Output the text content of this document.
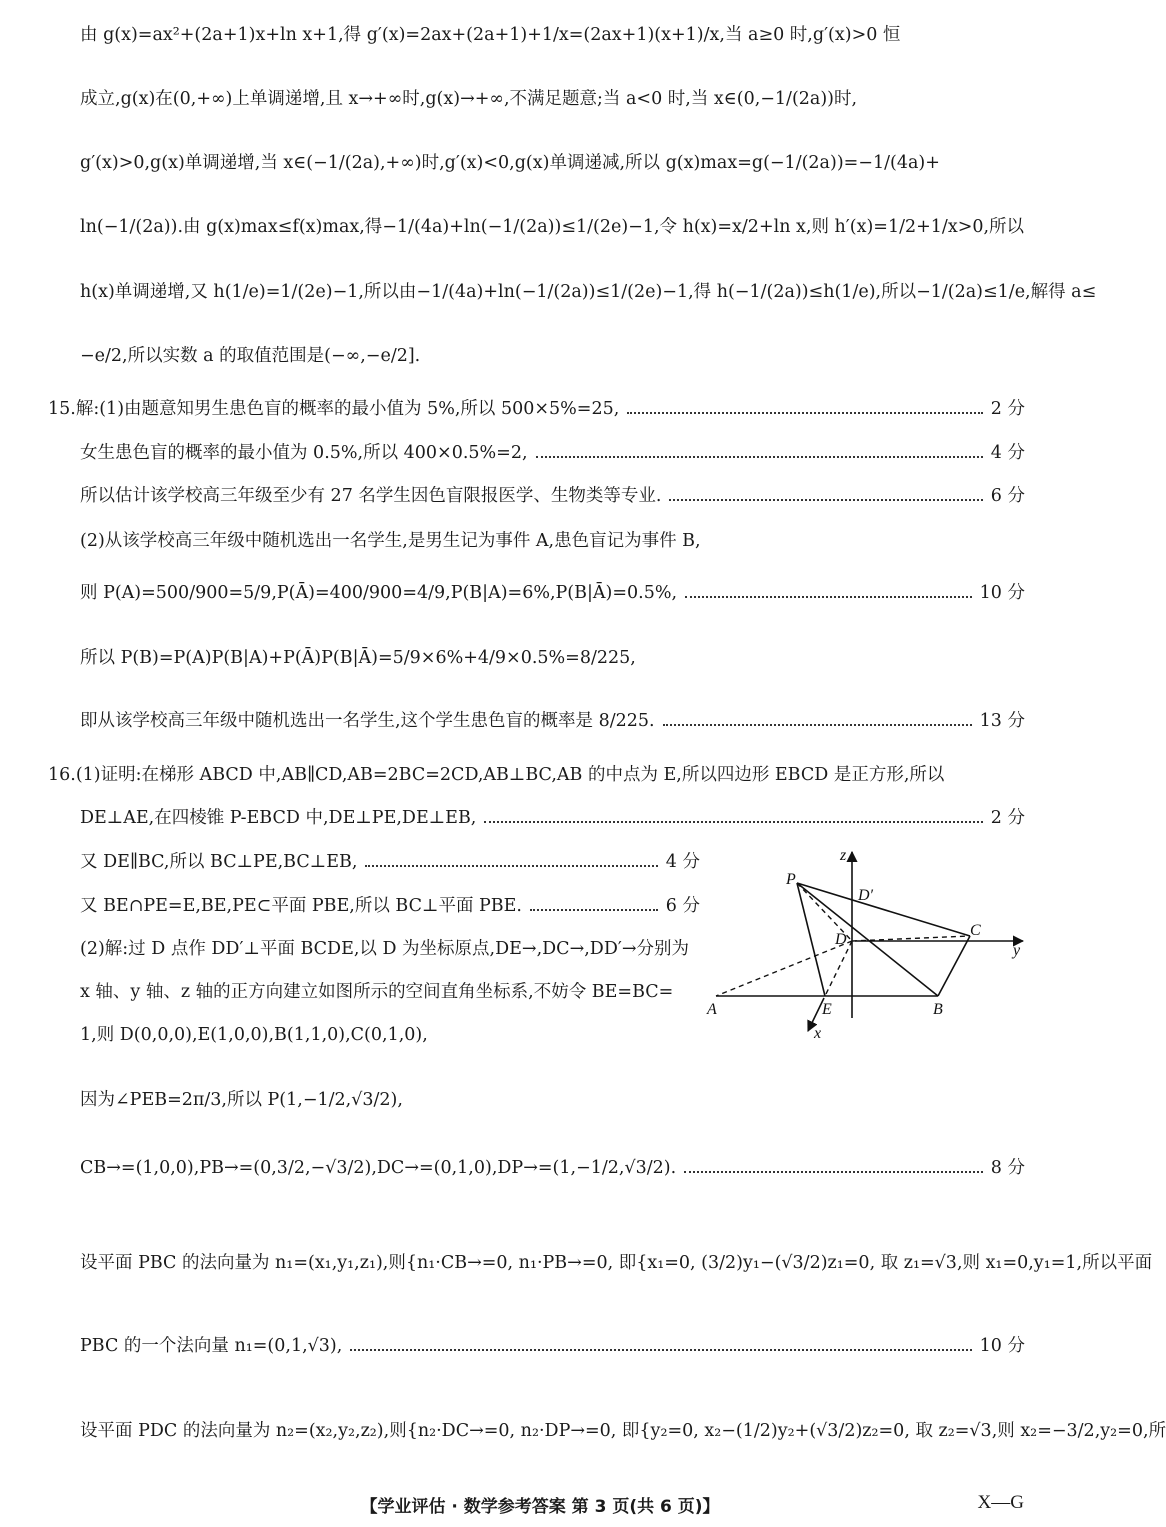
由 g(x)=ax²+(2a+1)x+ln x+1,得 g′(x)=2ax+(2a+1)+1/x=(2ax+1)(x+1)/x,当 a≥0 时,g′(x)>0 恒
成立,g(x)在(0,+∞)上单调递增,且 x→+∞时,g(x)→+∞,不满足题意;当 a<0 时,当 x∈(0,−1/(2a))时,
g′(x)>0,g(x)单调递增,当 x∈(−1/(2a),+∞)时,g′(x)<0,g(x)单调递减,所以 g(x)max=g(−1/(2a))=−1/(4a)+
ln(−1/(2a)).由 g(x)max≤f(x)max,得−1/(4a)+ln(−1/(2a))≤1/(2e)−1,令 h(x)=x/2+ln x,则 h′(x)=1/2+1/x>0,所以
h(x)单调递增,又 h(1/e)=1/(2e)−1,所以由−1/(4a)+ln(−1/(2a))≤1/(2e)−1,得 h(−1/(2a))≤h(1/e),所以−1/(2a)≤1/e,解得 a≤
−e/2,所以实数 a 的取值范围是(−∞,−e/2].
15.解:(1)由题意知男生患色盲的概率的最小值为 5%,所以 500×5%=25,	2 分
女生患色盲的概率的最小值为 0.5%,所以 400×0.5%=2,	4 分
所以估计该学校高三年级至少有 27 名学生因色盲限报医学、生物类等专业.	6 分
(2)从该学校高三年级中随机选出一名学生,是男生记为事件 A,患色盲记为事件 B,
则 P(A)=500/900=5/9,P(Ā)=400/900=4/9,P(B|A)=6%,P(B|Ā)=0.5%,	10 分
所以 P(B)=P(A)P(B|A)+P(Ā)P(B|Ā)=5/9×6%+4/9×0.5%=8/225,
即从该学校高三年级中随机选出一名学生,这个学生患色盲的概率是 8/225.	13 分
16.(1)证明:在梯形 ABCD 中,AB∥CD,AB=2BC=2CD,AB⊥BC,AB 的中点为 E,所以四边形 EBCD 是正方形,所以
DE⊥AE,在四棱锥 P-EBCD 中,DE⊥PE,DE⊥EB,	2 分
又 DE∥BC,所以 BC⊥PE,BC⊥EB,	4 分
又 BE∩PE=E,BE,PE⊂平面 PBE,所以 BC⊥平面 PBE.	6 分
(2)解:过 D 点作 DD′⊥平面 BCDE,以 D 为坐标原点,DE→,DC→,DD′→分别为
x 轴、y 轴、z 轴的正方向建立如图所示的空间直角坐标系,不妨令 BE=BC=
1,则 D(0,0,0),E(1,0,0),B(1,1,0),C(0,1,0),
因为∠PEB=2π/3,所以 P(1,−1/2,√3/2),
CB→=(1,0,0),PB→=(0,3/2,−√3/2),DC→=(0,1,0),DP→=(1,−1/2,√3/2).	8 分
设平面 PBC 的法向量为 n₁=(x₁,y₁,z₁),则{n₁·CB→=0, n₁·PB→=0, 即{x₁=0, (3/2)y₁−(√3/2)z₁=0, 取 z₁=√3,则 x₁=0,y₁=1,所以平面
PBC 的一个法向量 n₁=(0,1,√3),	10 分
设平面 PDC 的法向量为 n₂=(x₂,y₂,z₂),则{n₂·DC→=0, n₂·DP→=0, 即{y₂=0, x₂−(1/2)y₂+(√3/2)z₂=0, 取 z₂=√3,则 x₂=−3/2,y₂=0,所
P
D′
D
C
A	E	B
x
y
z
【学业评估 · 数学参考答案 第 3 页(共 6 页)】	X—G
